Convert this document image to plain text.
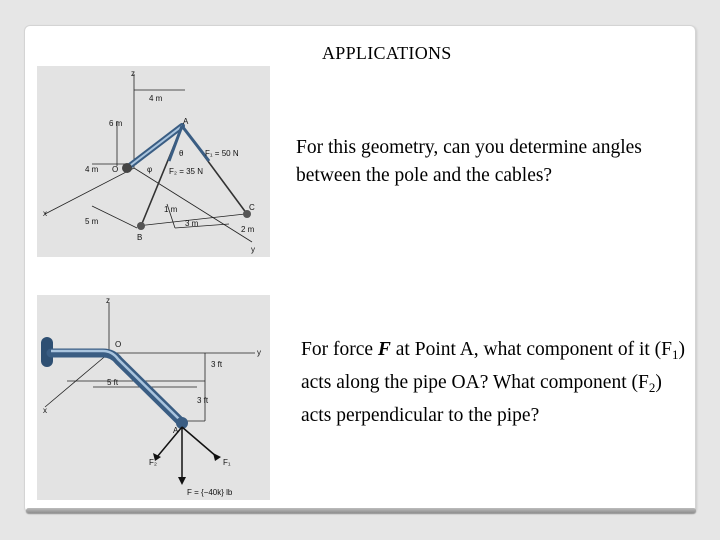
APPLICATIONS
For this geometry, can you determine angles between the pole and the cables?
For force F at Point A, what component of it $(F_1)$ acts along the pipe OA? What component $(F_2)$ acts perpendicular to the pipe?
z
4 m
6 m	A
F₁ = 50 N
F₂ = 35 N
4 m O
θ
φ
x
5 m
1 m
3 m
B
C
2 m
y
z
O
y
3 ft
5 ft
x
3 ft
A
F₂	F₁
F = {−40k} lb
